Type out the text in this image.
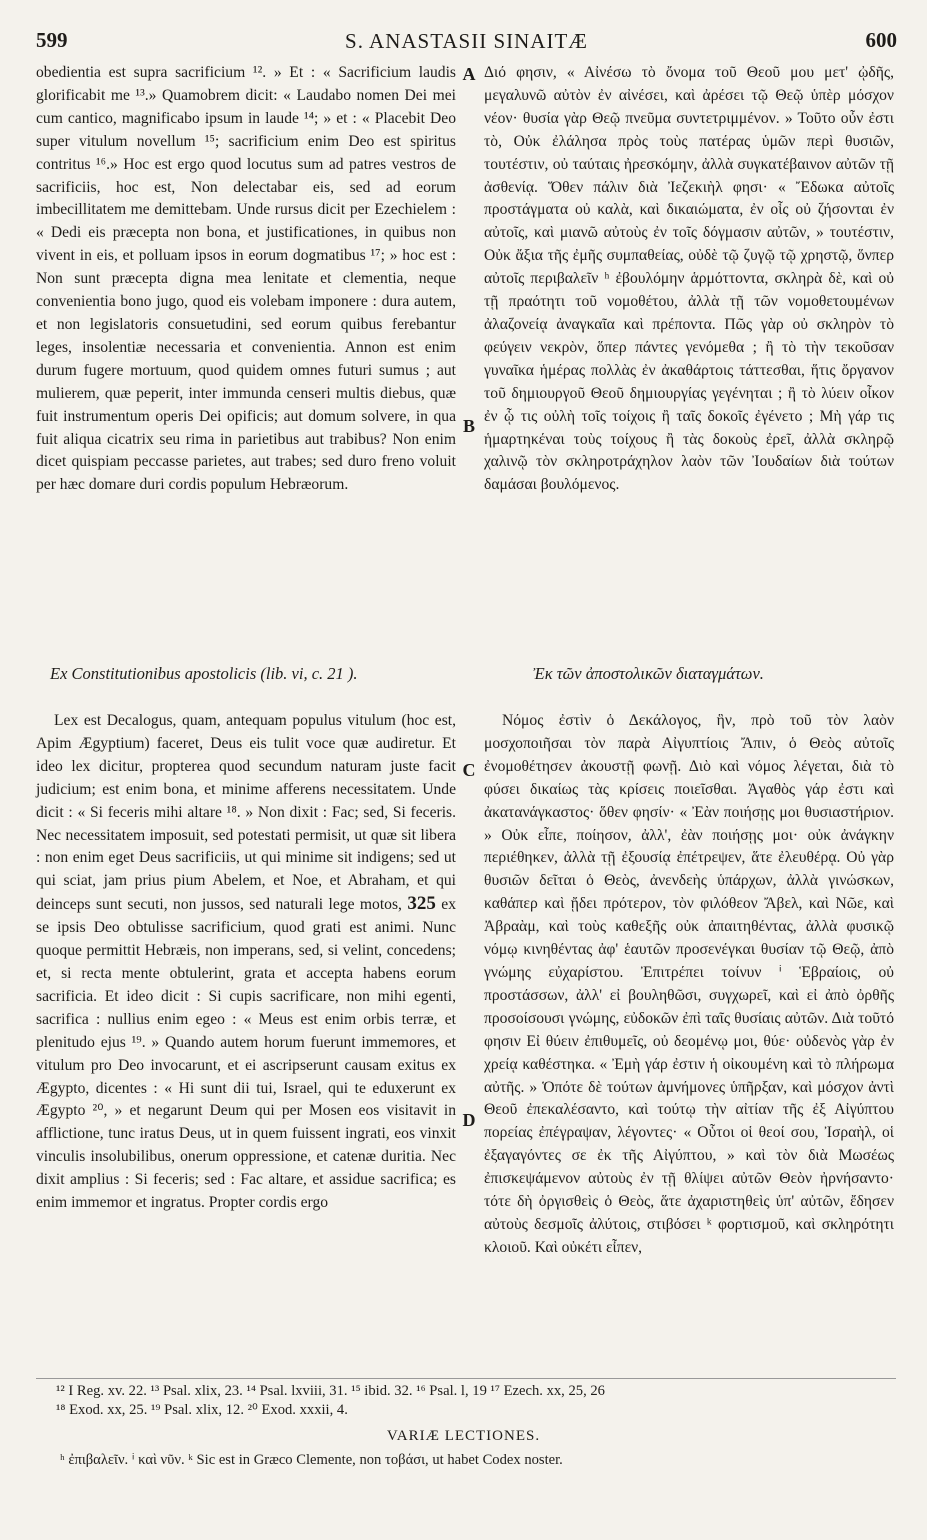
599	S. ANASTASII SINAITÆ	600

obedientia est supra sacrificium ¹². » Et : « Sacrificium laudis glorificabit me ¹³.» Quamobrem dicit: « Laudabo nomen Dei mei cum cantico, magnificabo ipsum in laude ¹⁴; » et : « Placebit Deo super vitulum novellum ¹⁵; sacrificium enim Deo est spiritus contritus ¹⁶.» Hoc est ergo quod locutus sum ad patres vestros de sacrificiis, hoc est, Non delectabar eis, sed ad eorum imbecillitatem me demittebam. Unde rursus dicit per Ezechielem : « Dedi eis præcepta non bona, et justificationes, in quibus non vivent in eis, et polluam ipsos in eorum dogmatibus ¹⁷; » hoc est : Non sunt præcepta digna mea lenitate et clementia, neque convenientia bono jugo, quod eis volebam imponere : dura autem, et non legislatoris consuetudini, sed eorum quibus ferebantur leges, insolentiæ necessaria et convenientia. Annon est enim durum fugere mortuum, quod quidem omnes futuri sumus ; aut mulierem, quæ peperit, inter immunda censeri multis diebus, quæ fuit instrumentum operis Dei opificis; aut domum solvere, in qua fuit aliqua cicatrix seu rima in parietibus aut trabibus? Non enim dicet quispiam peccasse parietes, aut trabes; sed duro freno voluit per hæc domare duri cordis populum Hebræorum.

Διό φησιν, « Αἰνέσω τὸ ὄνομα τοῦ Θεοῦ μου μετ' ᾠδῆς, μεγαλυνῶ αὐτὸν ἐν αἰνέσει, καὶ ἀρέσει τῷ Θεῷ ὑπὲρ μόσχον νέον· θυσία γὰρ Θεῷ πνεῦμα συντετριμμένον. » Τοῦτο οὖν ἐστι τὸ, Οὐκ ἐλάλησα πρὸς τοὺς πατέρας ὑμῶν περὶ θυσιῶν, τουτέστιν, οὐ ταύταις ἠρεσκόμην, ἀλλὰ συγκατέβαινον αὐτῶν τῇ ἀσθενίᾳ. Ὅθεν πάλιν διὰ Ἰεζεκιὴλ φησι· « Ἔδωκα αὐτοῖς προστάγματα οὐ καλὰ, καὶ δικαιώματα, ἐν οἷς οὐ ζήσονται ἐν αὐτοῖς, καὶ μιανῶ αὐτοὺς ἐν τοῖς δόγμασιν αὐτῶν, » τουτέστιν, Οὐκ ἄξια τῆς ἐμῆς συμπαθείας, οὐδὲ τῷ ζυγῷ τῷ χρηστῷ, ὅνπερ αὐτοῖς περιβαλεῖν ʰ ἐβουλόμην ἁρμόττοντα, σκληρὰ δὲ, καὶ οὐ τῇ πραότητι τοῦ νομοθέτου, ἀλλὰ τῇ τῶν νομοθετουμένων ἀλαζονείᾳ ἀναγκαῖα καὶ πρέποντα. Πῶς γὰρ οὐ σκληρὸν τὸ φεύγειν νεκρὸν, ὅπερ πάντες γενόμεθα ; ἢ τὸ τὴν τεκοῦσαν γυναῖκα ἡμέρας πολλὰς ἐν ἀκαθάρτοις τάττεσθαι, ἥτις ὄργανον τοῦ δημιουργοῦ Θεοῦ δημιουργίας γεγένηται ; ἢ τὸ λύειν οἶκον ἐν ᾧ τις οὐλὴ τοῖς τοίχοις ἢ ταῖς δοκοῖς ἐγένετο ; Μὴ γάρ τις ἡμαρτηκέναι τοὺς τοίχους ἢ τὰς δοκοὺς ἐρεῖ, ἀλλὰ σκληρῷ χαλινῷ τὸν σκληροτράχηλον λαὸν τῶν Ἰουδαίων διὰ τούτων δαμάσαι βουλόμενος.

A
B
C
D
Ex Constitutionibus apostolicis (lib. vi, c. 21 ).	Ἐκ τῶν ἀποστολικῶν διαταγμάτων.

Lex est Decalogus, quam, antequam populus vitulum (hoc est, Apim Ægyptium) faceret, Deus eis tulit voce quæ audiretur. Et ideo lex dicitur, propterea quod secundum naturam juste facit judicium; est enim bona, et minime afferens necessitatem. Unde dicit : « Si feceris mihi altare ¹⁸. » Non dixit : Fac; sed, Si feceris. Nec necessitatem imposuit, sed potestati permisit, ut quæ sit libera : non enim eget Deus sacrificiis, ut qui minime sit indigens; sed ut qui sciat, jam prius pium Abelem, et Noe, et Abraham, et qui deinceps sunt secuti, non jussos, sed naturali lege motos, 325 ex se ipsis Deo obtulisse sacrificium, quod grati est animi. Nunc quoque permittit Hebræis, non imperans, sed, si velint, concedens; et, si recta mente obtulerint, grata et accepta habens eorum sacrificia. Et ideo dicit : Si cupis sacrificare, non mihi egenti, sacrifica : nullius enim egeo : « Meus est enim orbis terræ, et plenitudo ejus ¹⁹. » Quando autem horum fuerunt immemores, et vitulum pro Deo invocarunt, et ei ascripserunt causam exitus ex Ægypto, dicentes : « Hi sunt dii tui, Israel, qui te eduxerunt ex Ægypto ²⁰, » et negarunt Deum qui per Mosen eos visitavit in afflictione, tunc iratus Deus, ut in quem fuissent ingrati, eos vinxit vinculis insolubilibus, onerum oppressione, et catenæ duritia. Nec dixit amplius : Si feceris; sed : Fac altare, et assidue sacrifica; es enim immemor et ingratus. Propter cordis ergo

Νόμος ἐστὶν ὁ Δεκάλογος, ἣν, πρὸ τοῦ τὸν λαὸν μοσχοποιῆσαι τὸν παρὰ Αἰγυπτίοις Ἄπιν, ὁ Θεὸς αὐτοῖς ἐνομοθέτησεν ἀκουστῇ φωνῇ. Διὸ καὶ νόμος λέγεται, διὰ τὸ φύσει δικαίως τὰς κρίσεις ποιεῖσθαι. Ἀγαθὸς γάρ ἐστι καὶ ἀκατανάγκαστος· ὅθεν φησίν· « Ἐὰν ποιήσῃς μοι θυσιαστήριον. » Οὐκ εἶπε, ποίησον, ἀλλ', ἐὰν ποιήσῃς μοι· οὐκ ἀνάγκην περιέθηκεν, ἀλλὰ τῇ ἐξουσίᾳ ἐπέτρεψεν, ἅτε ἐλευθέρᾳ. Οὐ γὰρ θυσιῶν δεῖται ὁ Θεὸς, ἀνενδεὴς ὑπάρχων, ἀλλὰ γινώσκων, καθάπερ καὶ ᾔδει πρότερον, τὸν φιλόθεον Ἄβελ, καὶ Νῶε, καὶ Ἀβραὰμ, καὶ τοὺς καθεξῆς οὐκ ἀπαιτηθέντας, ἀλλὰ φυσικῷ νόμῳ κινηθέντας ἀφ' ἑαυτῶν προσενέγκαι θυσίαν τῷ Θεῷ, ἀπὸ γνώμης εὐχαρίστου. Ἐπιτρέπει τοίνυν ⁱ Ἑβραίοις, οὐ προστάσσων, ἀλλ' εἰ βουληθῶσι, συγχωρεῖ, καὶ εἰ ἀπὸ ὀρθῆς προσοίσουσι γνώμης, εὐδοκῶν ἐπὶ ταῖς θυσίαις αὐτῶν. Διὰ τοῦτό φησιν Εἰ θύειν ἐπιθυμεῖς, οὐ δεομένῳ μοι, θύε· οὐδενὸς γὰρ ἐν χρείᾳ καθέστηκα. « Ἐμὴ γάρ ἐστιν ἡ οἰκουμένη καὶ τὸ πλήρωμα αὐτῆς. » Ὁπότε δὲ τούτων ἀμνήμονες ὑπῆρξαν, καὶ μόσχον ἀντὶ Θεοῦ ἐπεκαλέσαντο, καὶ τούτῳ τὴν αἰτίαν τῆς ἐξ Αἰγύπτου πορείας ἐπέγραψαν, λέγοντες· « Οὗτοι οἱ θεοί σου, Ἰσραὴλ, οἱ ἐξαγαγόντες σε ἐκ τῆς Αἰγύπτου, » καὶ τὸν διὰ Μωσέως ἐπισκεψάμενον αὐτοὺς ἐν τῇ θλίψει αὐτῶν Θεὸν ἠρνήσαντο· τότε δὴ ὀργισθεὶς ὁ Θεὸς, ἅτε ἀχαριστηθεὶς ὑπ' αὐτῶν, ἔδησεν αὐτοὺς δεσμοῖς ἀλύτοις, στιβόσει ᵏ φορτισμοῦ, καὶ σκληρότητι κλοιοῦ. Καὶ οὐκέτι εἶπεν,

¹² I Reg. xv. 22. ¹³ Psal. xlix, 23. ¹⁴ Psal. lxviii, 31. ¹⁵ ibid. 32. ¹⁶ Psal. l, 19 ¹⁷ Ezech. xx, 25, 26

¹⁸ Exod. xx, 25. ¹⁹ Psal. xlix, 12. ²⁰ Exod. xxxii, 4.

VARIÆ LECTIONES.
ʰ ἐπιβαλεῖν. ⁱ καὶ νῦν. ᵏ Sic est in Græco Clemente, non τοβάσι, ut habet Codex noster.
